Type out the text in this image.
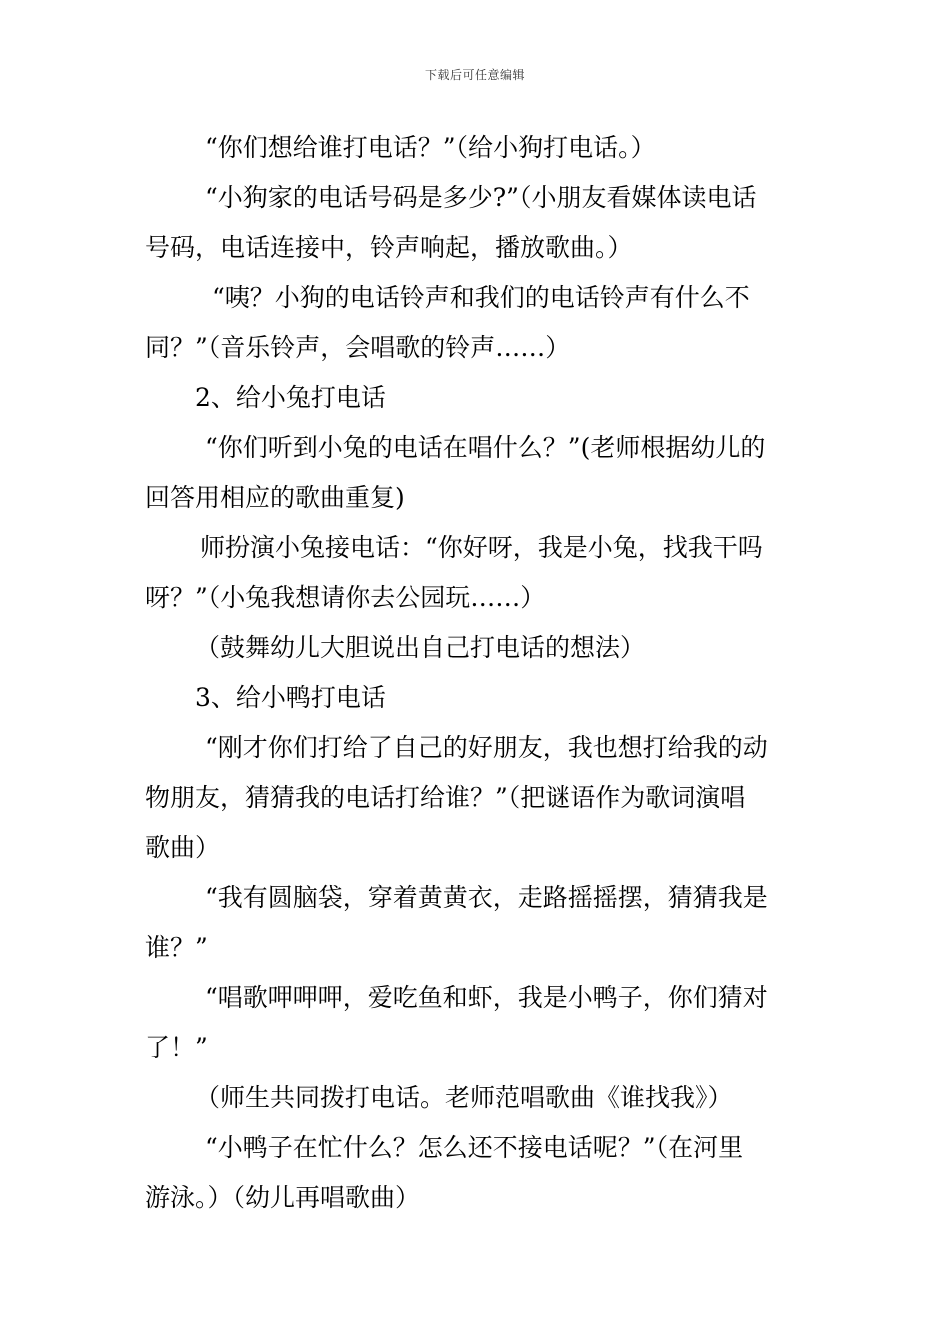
下载后可任意编辑
“你们想给谁打电话？”（给小狗打电话。）
“小狗家的电话号码是多少?”（小朋友看媒体读电话
号码，电话连接中，铃声响起，播放歌曲。）
“咦？小狗的电话铃声和我们的电话铃声有什么不
同？”（音乐铃声，会唱歌的铃声……）
2、给小兔打电话
“你们听到小兔的电话在唱什么？”(老师根据幼儿的
回答用相应的歌曲重复)
师扮演小兔接电话：“你好呀，我是小兔，找我干吗
呀？”（小兔我想请你去公园玩……）
（鼓舞幼儿大胆说出自己打电话的想法）
3、给小鸭打电话
“刚才你们打给了自己的好朋友，我也想打给我的动
物朋友，猜猜我的电话打给谁？”（把谜语作为歌词演唱
歌曲）
“我有圆脑袋，穿着黄黄衣，走路摇摇摆，猜猜我是
谁？”
“唱歌呷呷呷，爱吃鱼和虾，我是小鸭子，你们猜对
了！”
（师生共同拨打电话。老师范唱歌曲《谁找我》）
“小鸭子在忙什么？怎么还不接电话呢？”（在河里
游泳。）（幼儿再唱歌曲）
